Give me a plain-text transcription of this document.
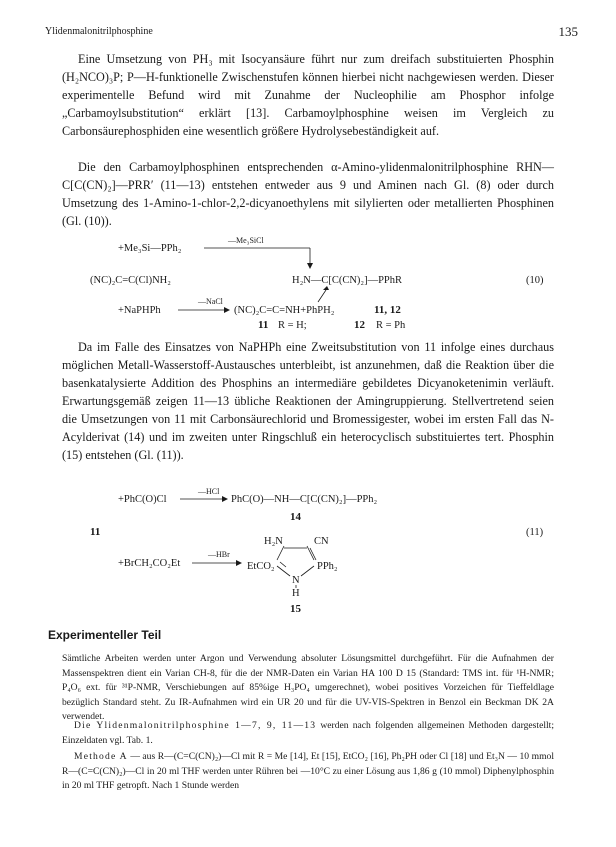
Ylidenmalonitrilphosphine	135

Eine Umsetzung von PH₃ mit Isocyansäure führt nur zum dreifach substituierten Phosphin (H₂NCO)₃P; P—H-funktionelle Zwischenstufen können hierbei nicht nachgewiesen werden. Dieser experimentelle Befund wird mit Zunahme der Nucleophilie am Phosphor infolge „Carbamoylsubstitution“ erklärt [13]. Carbamoylphosphine weisen im Vergleich zu Carbonsäurephosphiden eine wesentlich größere Hydrolysebeständigkeit auf.

Die den Carbamoylphosphinen entsprechenden α-Amino-ylidenmalonitrilphosphine RHN—C[C(CN)₂]—PRR′ (11—13) entstehen entweder aus 9 und Aminen nach Gl. (8) oder durch Umsetzung des 1-Amino-1-chlor-2,2-dicyanoethylens mit silylierten oder metallierten Phosphinen (Gl. (10)).

+Me₃Si—PPh₂
—Me₃SiCl
(NC)₂C=C(Cl)NH₂	H₂N—C[C(CN)₂]—PPhR	(10)
+NaPHPh
—NaCl
(NC)₂C=C=NH+PhPH₂	11, 12
11 R = H;	12 R = Ph

Da im Falle des Einsatzes von NaPHPh eine Zweitsubstitution von 11 infolge eines durchaus möglichen Metall-Wasserstoff-Austausches unterbleibt, ist anzunehmen, daß die Reaktion über die basenkatalysierte Addition des Phosphins an intermediäre gebildetes Dicyanoketenimin verläuft. Erwartungsgemäß zeigen 11—13 übliche Reaktionen der Amingruppierung. Stellvertretend seien die Umsetzungen von 11 mit Carbonsäurechlorid und Bromessigester, wobei im ersten Fall das N-Acylderivat (14) und im zweiten unter Ringschluß ein heterocyclisch substituiertes tert. Phosphin (15) entstehen (Gl. (11)).

11	(11)
+PhC(O)Cl
—HCl
PhC(O)—NH—C[C(CN)₂]—PPh₂
14
+BrCH₂CO₂Et
—HBr
H₂N	CN
EtCO₂	PPh₂
N
H
15
Experimenteller Teil

Sämtliche Arbeiten werden unter Argon und Verwendung absoluter Lösungsmittel durchgeführt. Für die Aufnahmen der Massenspektren dient ein Varian CH-8, für die der NMR-Daten ein Varian HA 100 D 15 (Standard: TMS int. für ¹H-NMR; P₄O₆ ext. für ³¹P-NMR, Verschiebungen auf 85%ige H₃PO₄ umgerechnet), wobei positives Vorzeichen für Tieffeldlage bezüglich Standard steht. Zu IR-Aufnahmen wird ein UR 20 und für die UV-VIS-Spektren in Benzol ein Beckman DK 2A verwendet.

Die Ylidenmalonitrilphosphine 1—7, 9, 11—13 werden nach folgenden allgemeinen Methoden dargestellt; Einzeldaten vgl. Tab. 1.

Methode A — aus R—(C=C(CN)₂)—Cl mit R = Me [14], Et [15], EtCO₂ [16], Ph₂PH oder Cl [18] und Et₃N — 10 mmol R—(C=C(CN)₂)—Cl in 20 ml THF werden unter Rühren bei —10°C zu einer Lösung aus 1,86 g (10 mmol) Diphenylphosphin in 20 ml THF getropft. Nach 1 Stunde werden
